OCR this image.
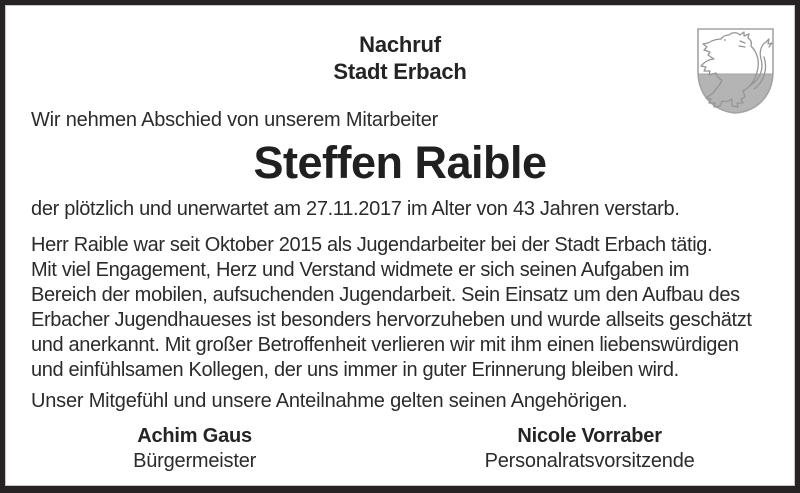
Nachruf
Stadt Erbach
Wir nehmen Abschied von unserem Mitarbeiter
Steffen Raible
der plötzlich und unerwartet am 27.11.2017 im Alter von 43 Jahren verstarb.
Herr Raible war seit Oktober 2015 als Jugendarbeiter bei der Stadt Erbach tätig.
Mit viel Engagement, Herz und Verstand widmete er sich seinen Aufgaben im
Bereich der mobilen, aufsuchenden Jugendarbeit. Sein Einsatz um den Aufbau des
Erbacher Jugendhaueses ist besonders hervorzuheben und wurde allseits geschätzt
und anerkannt. Mit großer Betroffenheit verlieren wir mit ihm einen liebenswürdigen
und einfühlsamen Kollegen, der uns immer in guter Erinnerung bleiben wird.
Unser Mitgefühl und unsere Anteilnahme gelten seinen Angehörigen.
Achim Gaus
Bürgermeister
Nicole Vorraber
Personalratsvorsitzende
